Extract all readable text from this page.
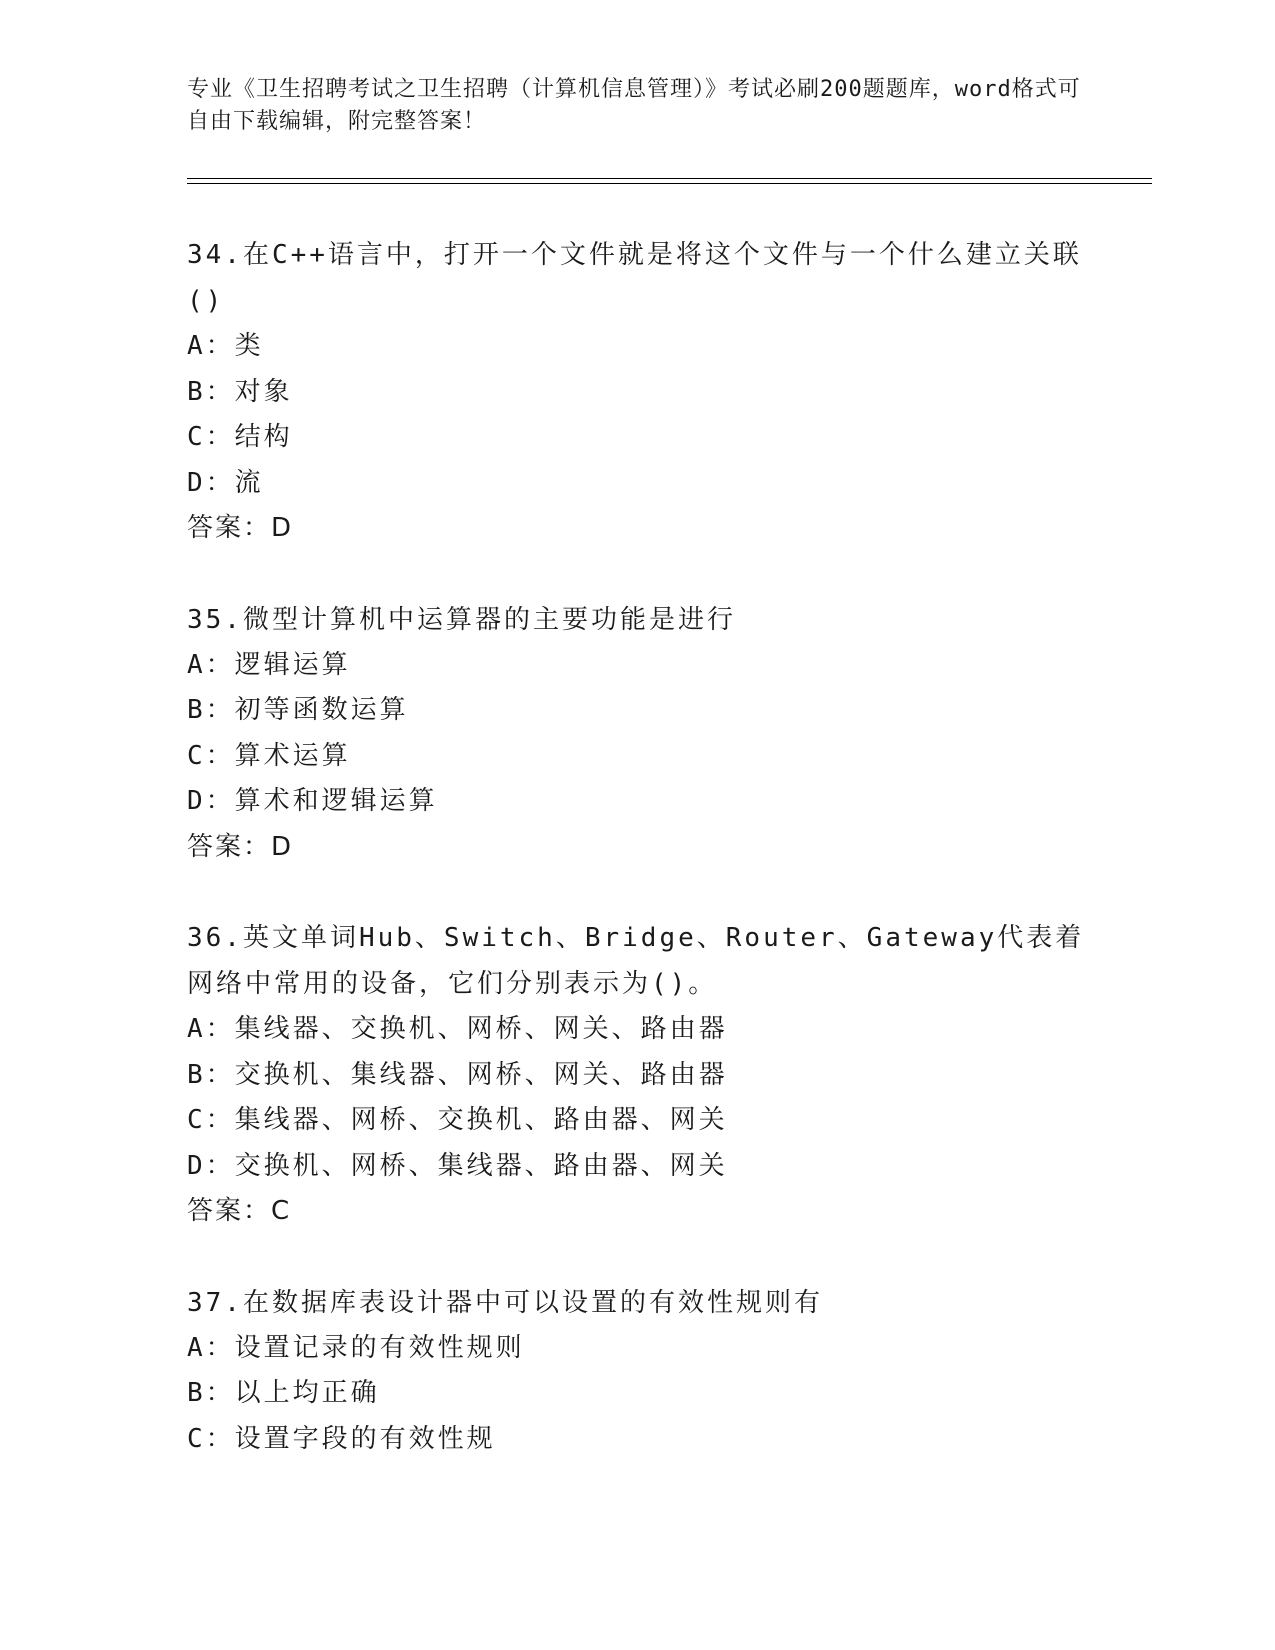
专业《卫生招聘考试之卫生招聘（计算机信息管理）》考试必刷200题题库，word格式可自由下载编辑，附完整答案！
34.在C++语言中，打开一个文件就是将这个文件与一个什么建立关联()
A：类
B：对象
C：结构
D：流
答案：D
35.微型计算机中运算器的主要功能是进行
A：逻辑运算
B：初等函数运算
C：算术运算
D：算术和逻辑运算
答案：D
36.英文单词Hub、Switch、Bridge、Router、Gateway代表着网络中常用的设备，它们分别表示为()。
A：集线器、交换机、网桥、网关、路由器
B：交换机、集线器、网桥、网关、路由器
C：集线器、网桥、交换机、路由器、网关
D：交换机、网桥、集线器、路由器、网关
答案：C
37.在数据库表设计器中可以设置的有效性规则有
A：设置记录的有效性规则
B：以上均正确
C：设置字段的有效性规
